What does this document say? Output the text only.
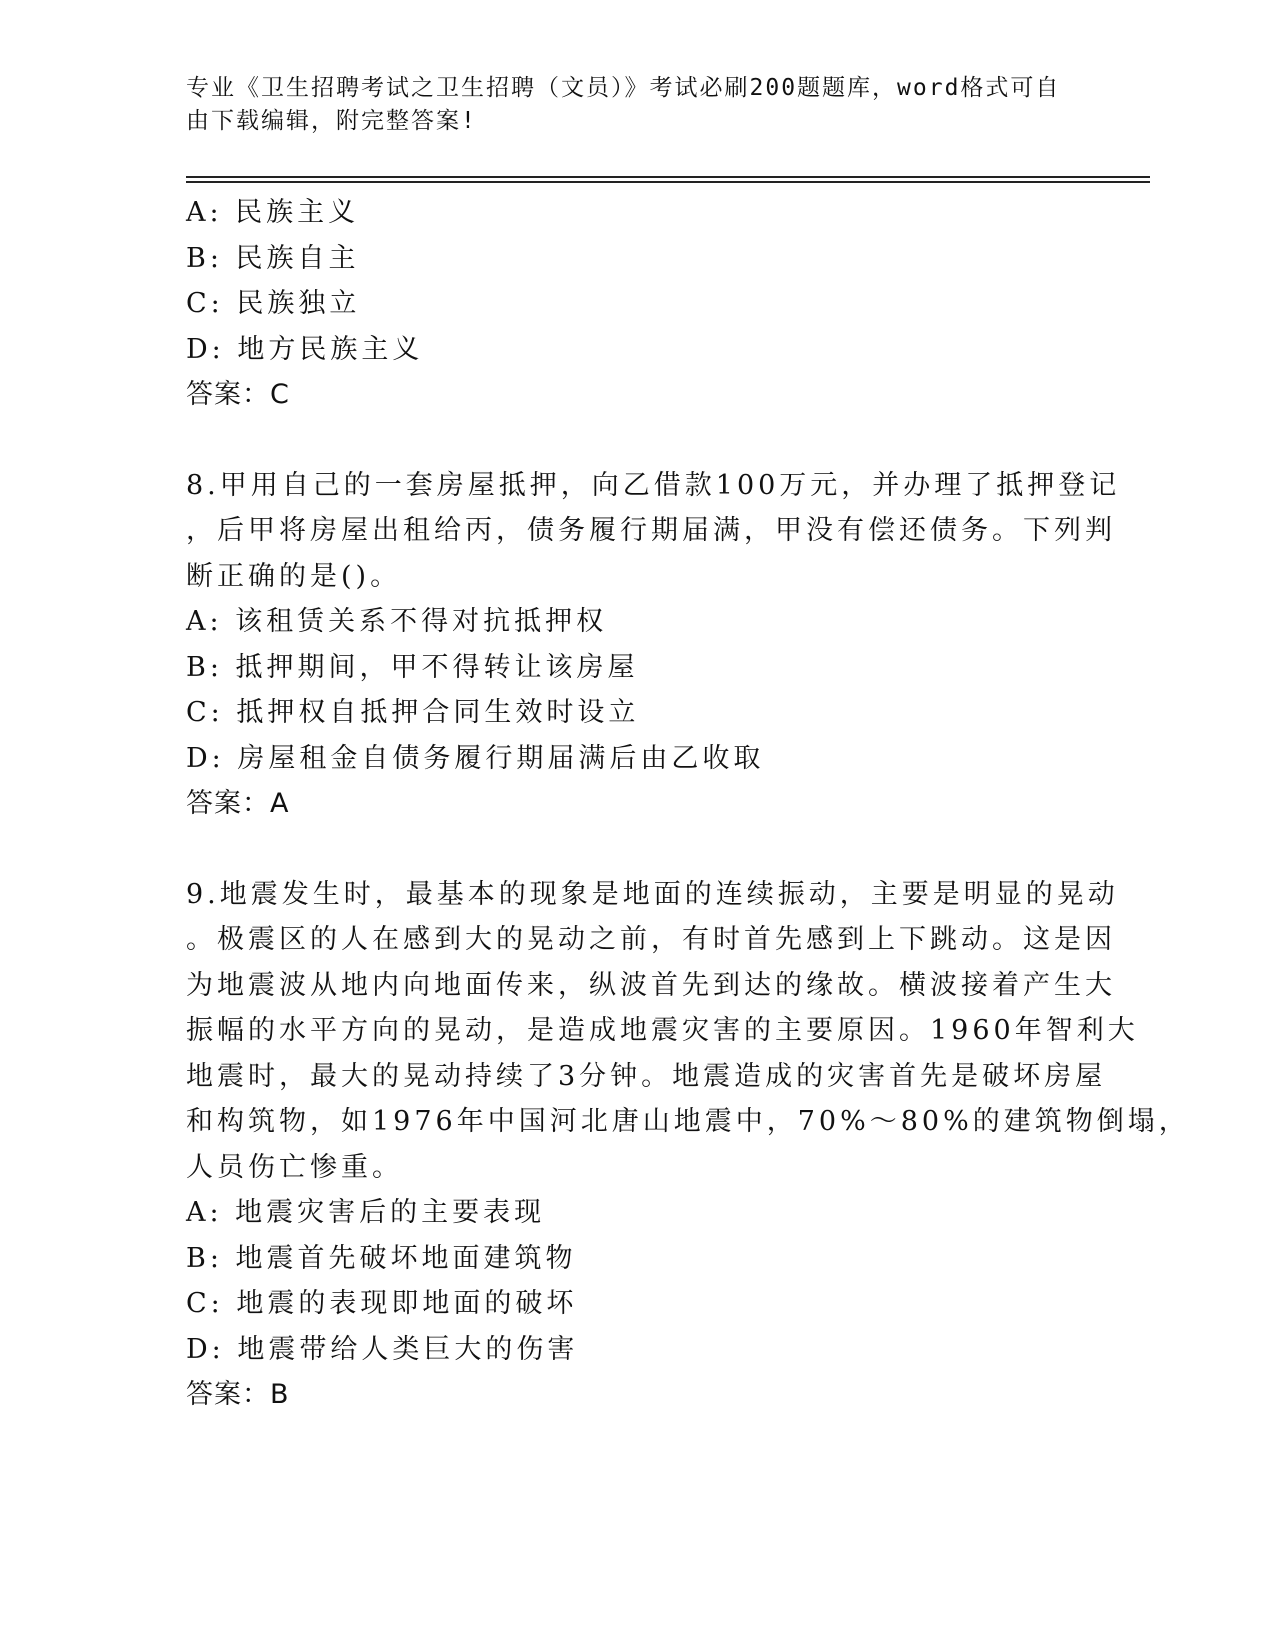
专业《卫生招聘考试之卫生招聘（文员）》考试必刷200题题库，word格式可自
由下载编辑，附完整答案!
A: 民族主义
B: 民族自主
C: 民族独立
D: 地方民族主义
答案：C
8.甲用自己的一套房屋抵押，向乙借款100万元，并办理了抵押登记
，后甲将房屋出租给丙，债务履行期届满，甲没有偿还债务。下列判
断正确的是()。
A: 该租赁关系不得对抗抵押权
B: 抵押期间，甲不得转让该房屋
C: 抵押权自抵押合同生效时设立
D: 房屋租金自债务履行期届满后由乙收取
答案：A
9.地震发生时，最基本的现象是地面的连续振动，主要是明显的晃动
。极震区的人在感到大的晃动之前，有时首先感到上下跳动。这是因
为地震波从地内向地面传来，纵波首先到达的缘故。横波接着产生大
振幅的水平方向的晃动，是造成地震灾害的主要原因。1960年智利大
地震时，最大的晃动持续了3分钟。地震造成的灾害首先是破坏房屋
和构筑物，如1976年中国河北唐山地震中，70%～80%的建筑物倒塌，
人员伤亡惨重。
A: 地震灾害后的主要表现
B: 地震首先破坏地面建筑物
C: 地震的表现即地面的破坏
D: 地震带给人类巨大的伤害
答案：B
